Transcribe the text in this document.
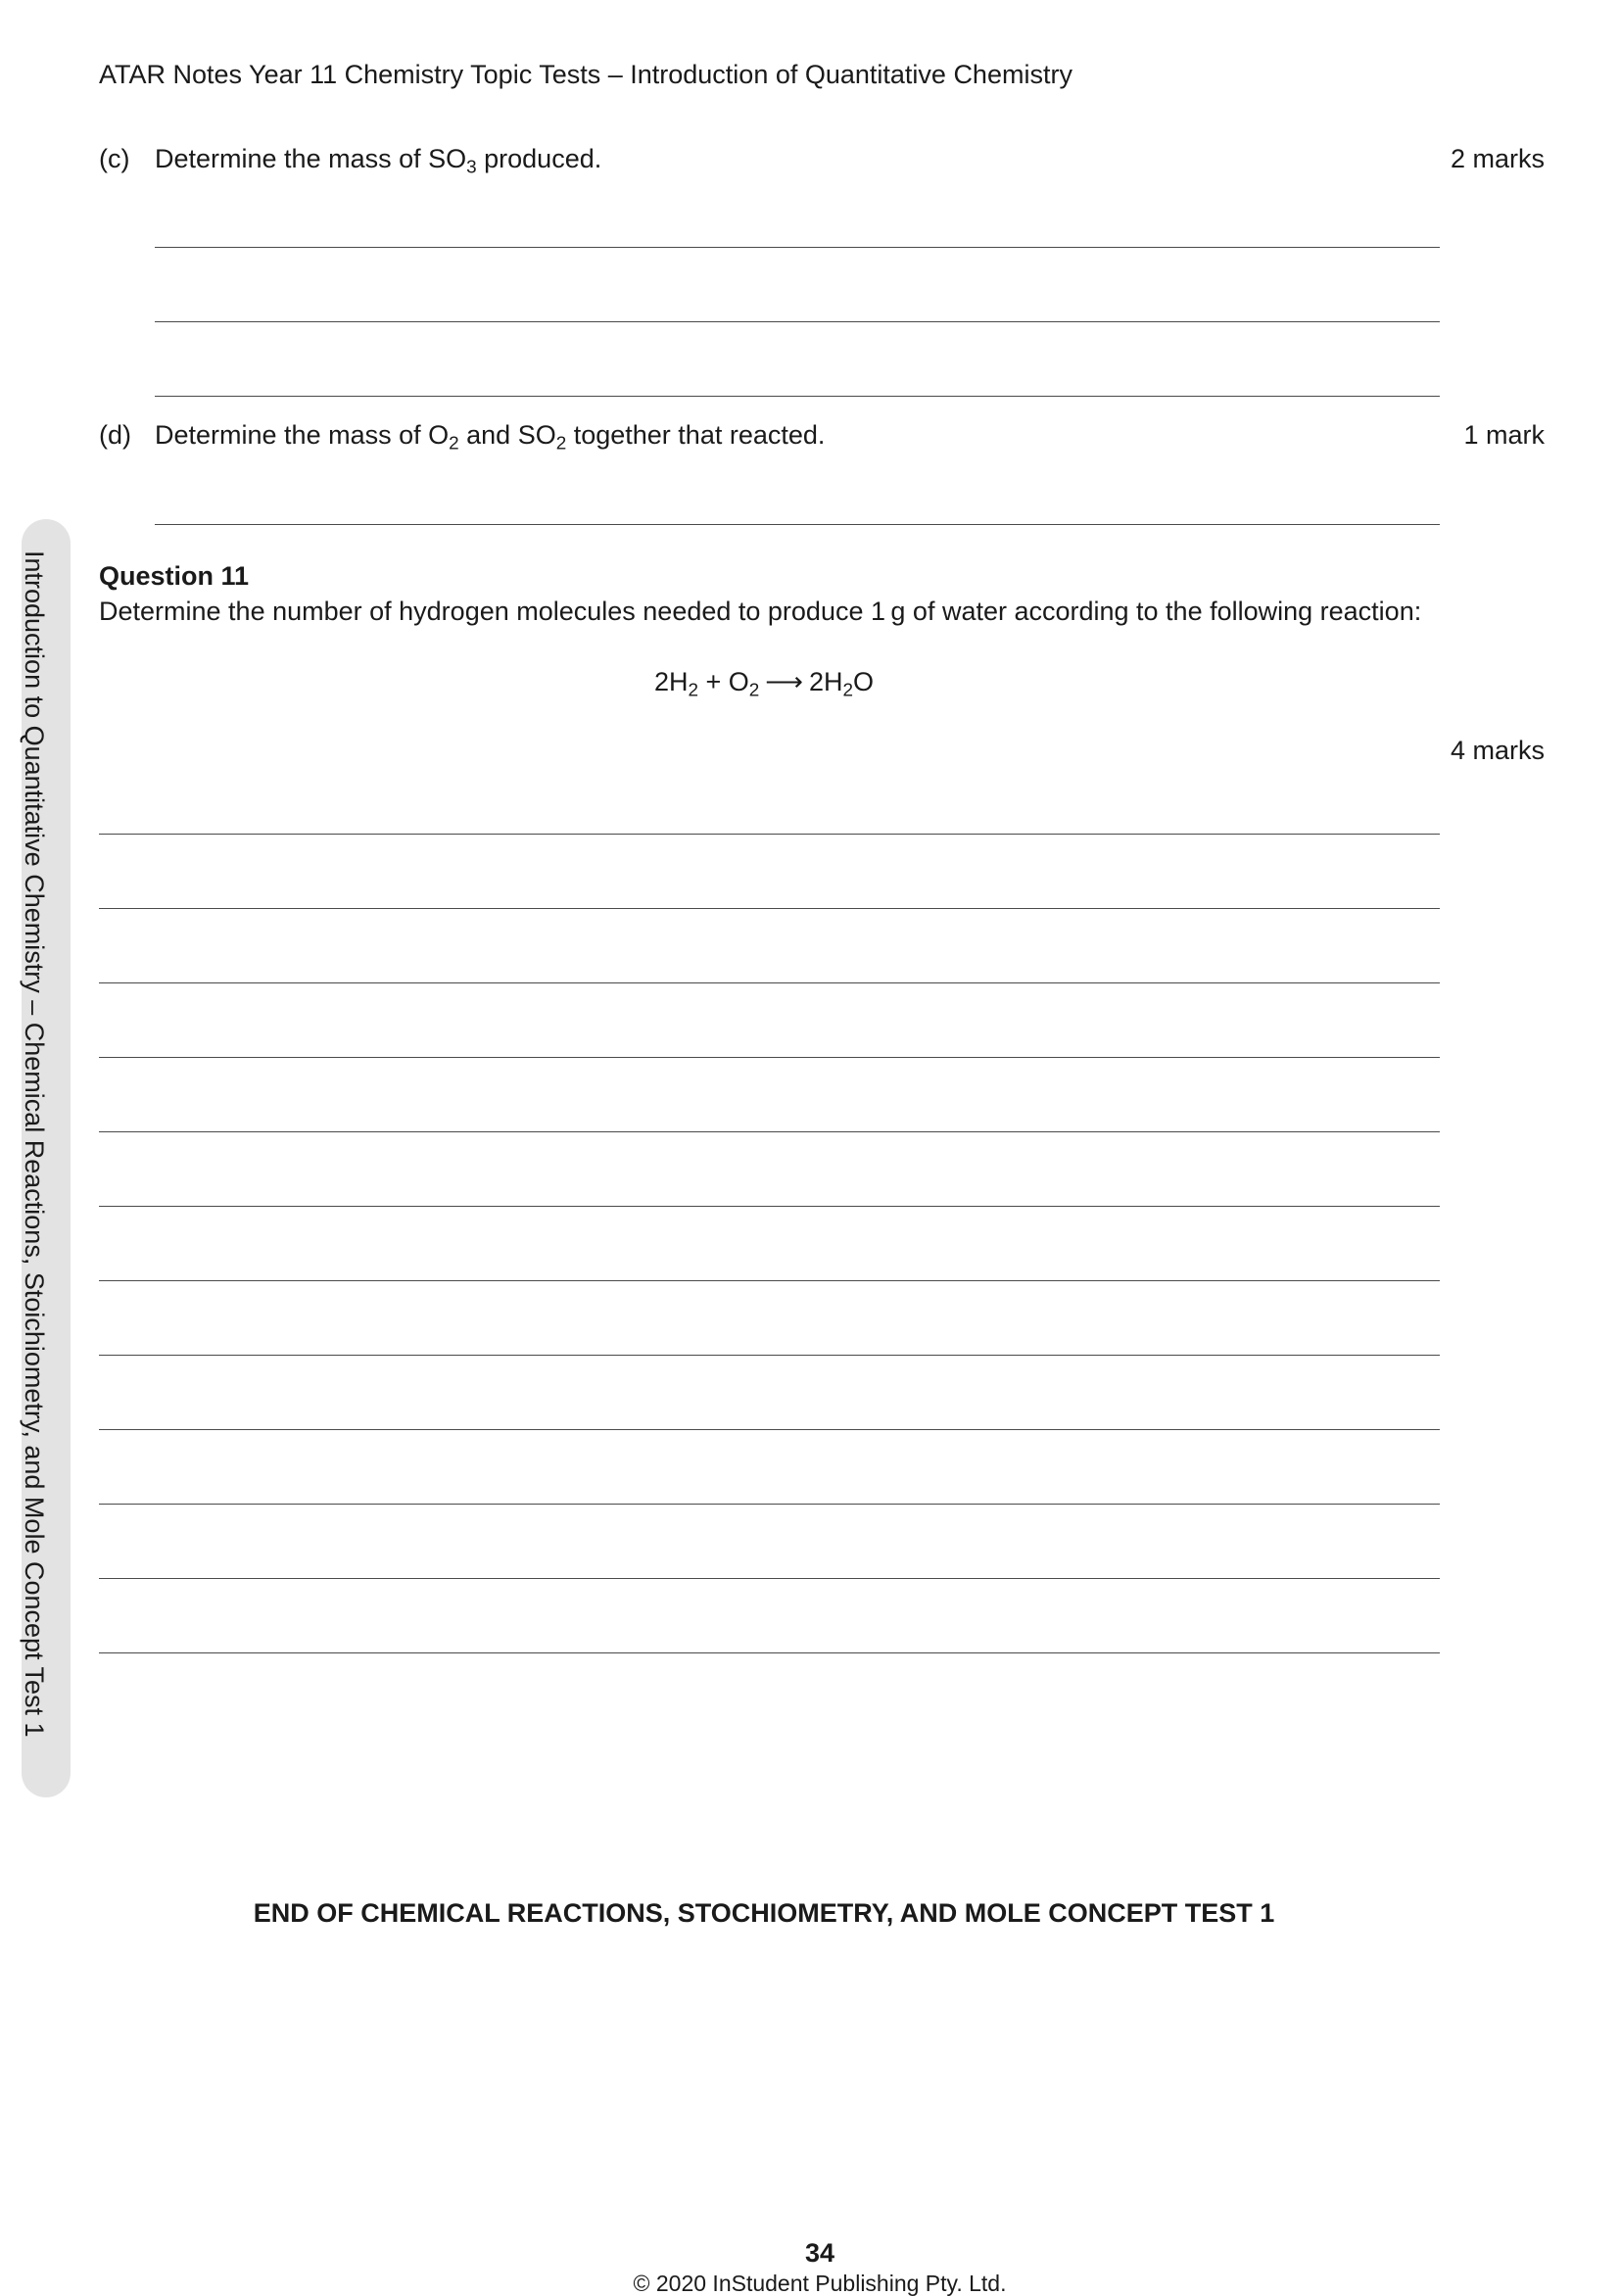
ATAR Notes Year 11 Chemistry Topic Tests – Introduction of Quantitative Chemistry
Introduction to Quantitative Chemistry – Chemical Reactions, Stoichiometry, and Mole Concept Test 1
(c) Determine the mass of $SO_3$ produced.	2 marks
(d) Determine the mass of $O_2$ and $SO_2$ together that reacted.	1 mark
Question 11
Determine the number of hydrogen molecules needed to produce 1 g of water according to the following reaction:
$2H_2 + O_2$ ⟶ $2H_2O$
4 marks
END OF CHEMICAL REACTIONS, STOCHIOMETRY, AND MOLE CONCEPT TEST 1
34
© 2020 InStudent Publishing Pty. Ltd.
